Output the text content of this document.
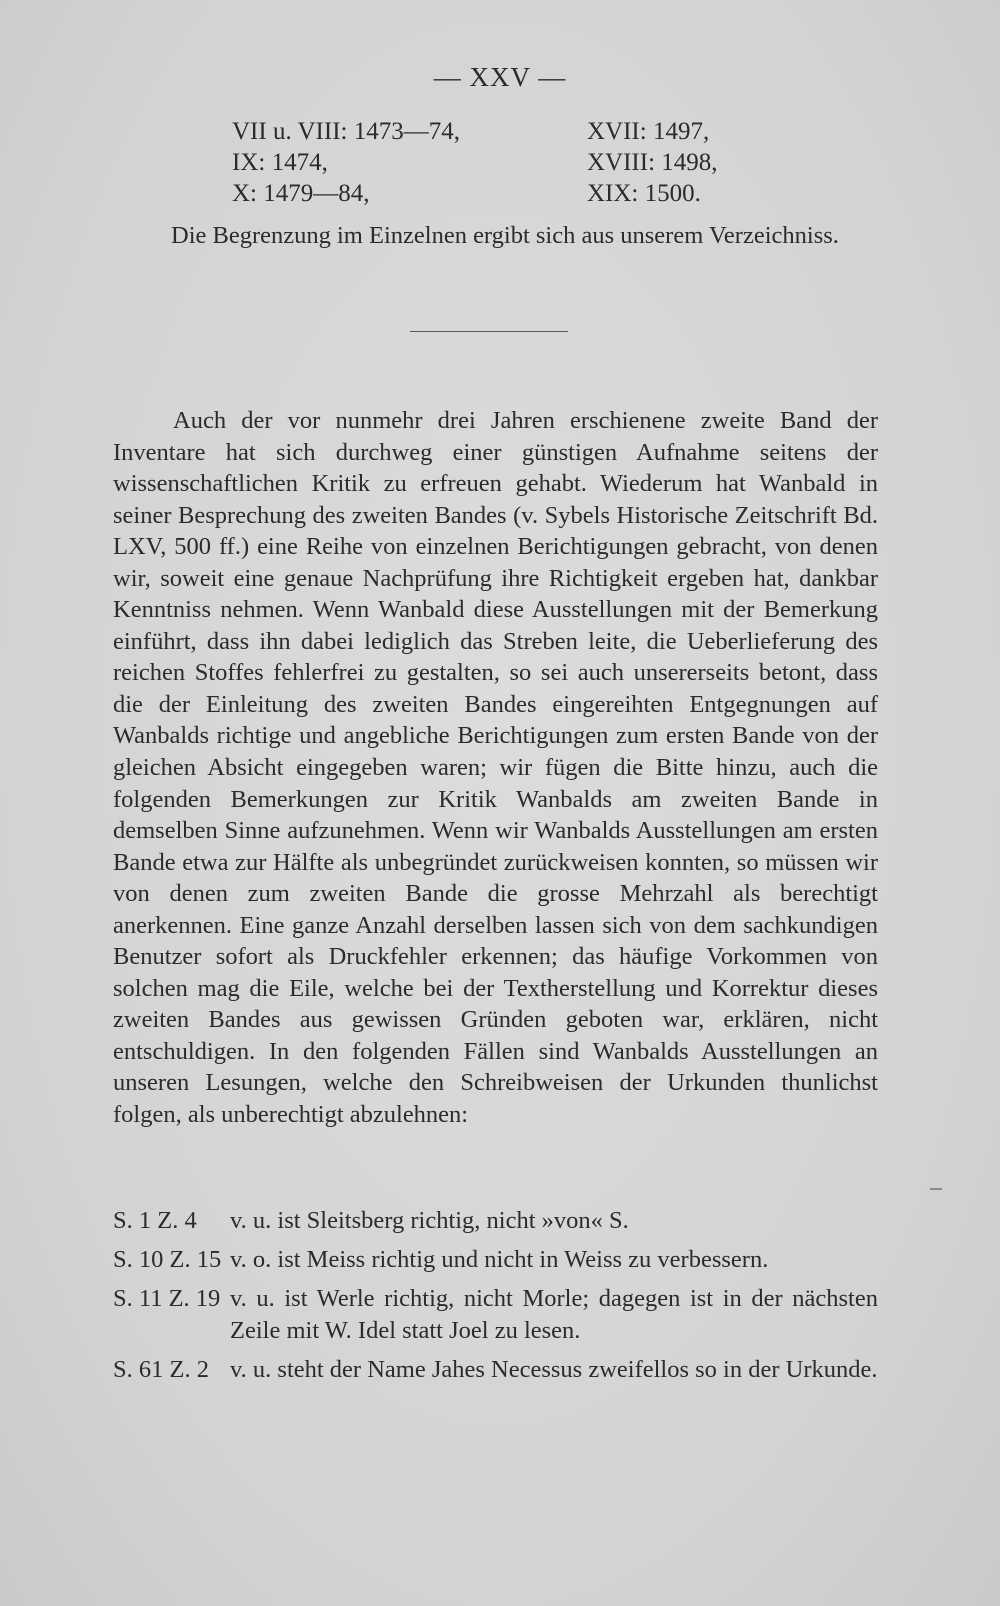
— XXV —
VII u. VIII: 1473—74,	XVII: 1497,
IX: 1474,	XVIII: 1498,
X: 1479—84,	XIX: 1500.

Die Begrenzung im Einzelnen ergibt sich aus unserem Verzeichniss.

Auch der vor nunmehr drei Jahren erschienene zweite Band der Inventare hat sich durchweg einer günstigen Aufnahme seitens der wissenschaftlichen Kritik zu erfreuen gehabt. Wiederum hat Wanbald in seiner Besprechung des zweiten Bandes (v. Sybels Historische Zeitschrift Bd. LXV, 500 ff.) eine Reihe von einzelnen Berichtigungen gebracht, von denen wir, soweit eine genaue Nachprüfung ihre Richtigkeit ergeben hat, dankbar Kenntniss nehmen. Wenn Wanbald diese Ausstellungen mit der Bemerkung einführt, dass ihn dabei lediglich das Streben leite, die Ueberlieferung des reichen Stoffes fehlerfrei zu gestalten, so sei auch unsererseits betont, dass die der Einleitung des zweiten Bandes eingereihten Entgegnungen auf Wanbalds richtige und angebliche Berichtigungen zum ersten Bande von der gleichen Absicht eingegeben waren; wir fügen die Bitte hinzu, auch die folgenden Bemerkungen zur Kritik Wanbalds am zweiten Bande in demselben Sinne aufzunehmen. Wenn wir Wanbalds Ausstellungen am ersten Bande etwa zur Hälfte als unbegründet zurückweisen konnten, so müssen wir von denen zum zweiten Bande die grosse Mehrzahl als berechtigt anerkennen. Eine ganze Anzahl derselben lassen sich von dem sachkundigen Benutzer sofort als Druckfehler erkennen; das häufige Vorkommen von solchen mag die Eile, welche bei der Textherstellung und Korrektur dieses zweiten Bandes aus gewissen Gründen geboten war, erklären, nicht entschuldigen. In den folgenden Fällen sind Wanbalds Ausstellungen an unseren Lesungen, welche den Schreibweisen der Urkunden thunlichst folgen, als unberechtigt abzulehnen:

S. 1 Z. 4 v. u. ist Sleitsberg richtig, nicht »von« S.
S. 10 Z. 15 v. o. ist Meiss richtig und nicht in Weiss zu verbessern.
S. 11 Z. 19 v. u. ist Werle richtig, nicht Morle; dagegen ist in der nächsten Zeile mit W. Idel statt Joel zu lesen.
S. 61 Z. 2 v. u. steht der Name Jahes Necessus zweifellos so in der Urkunde.
